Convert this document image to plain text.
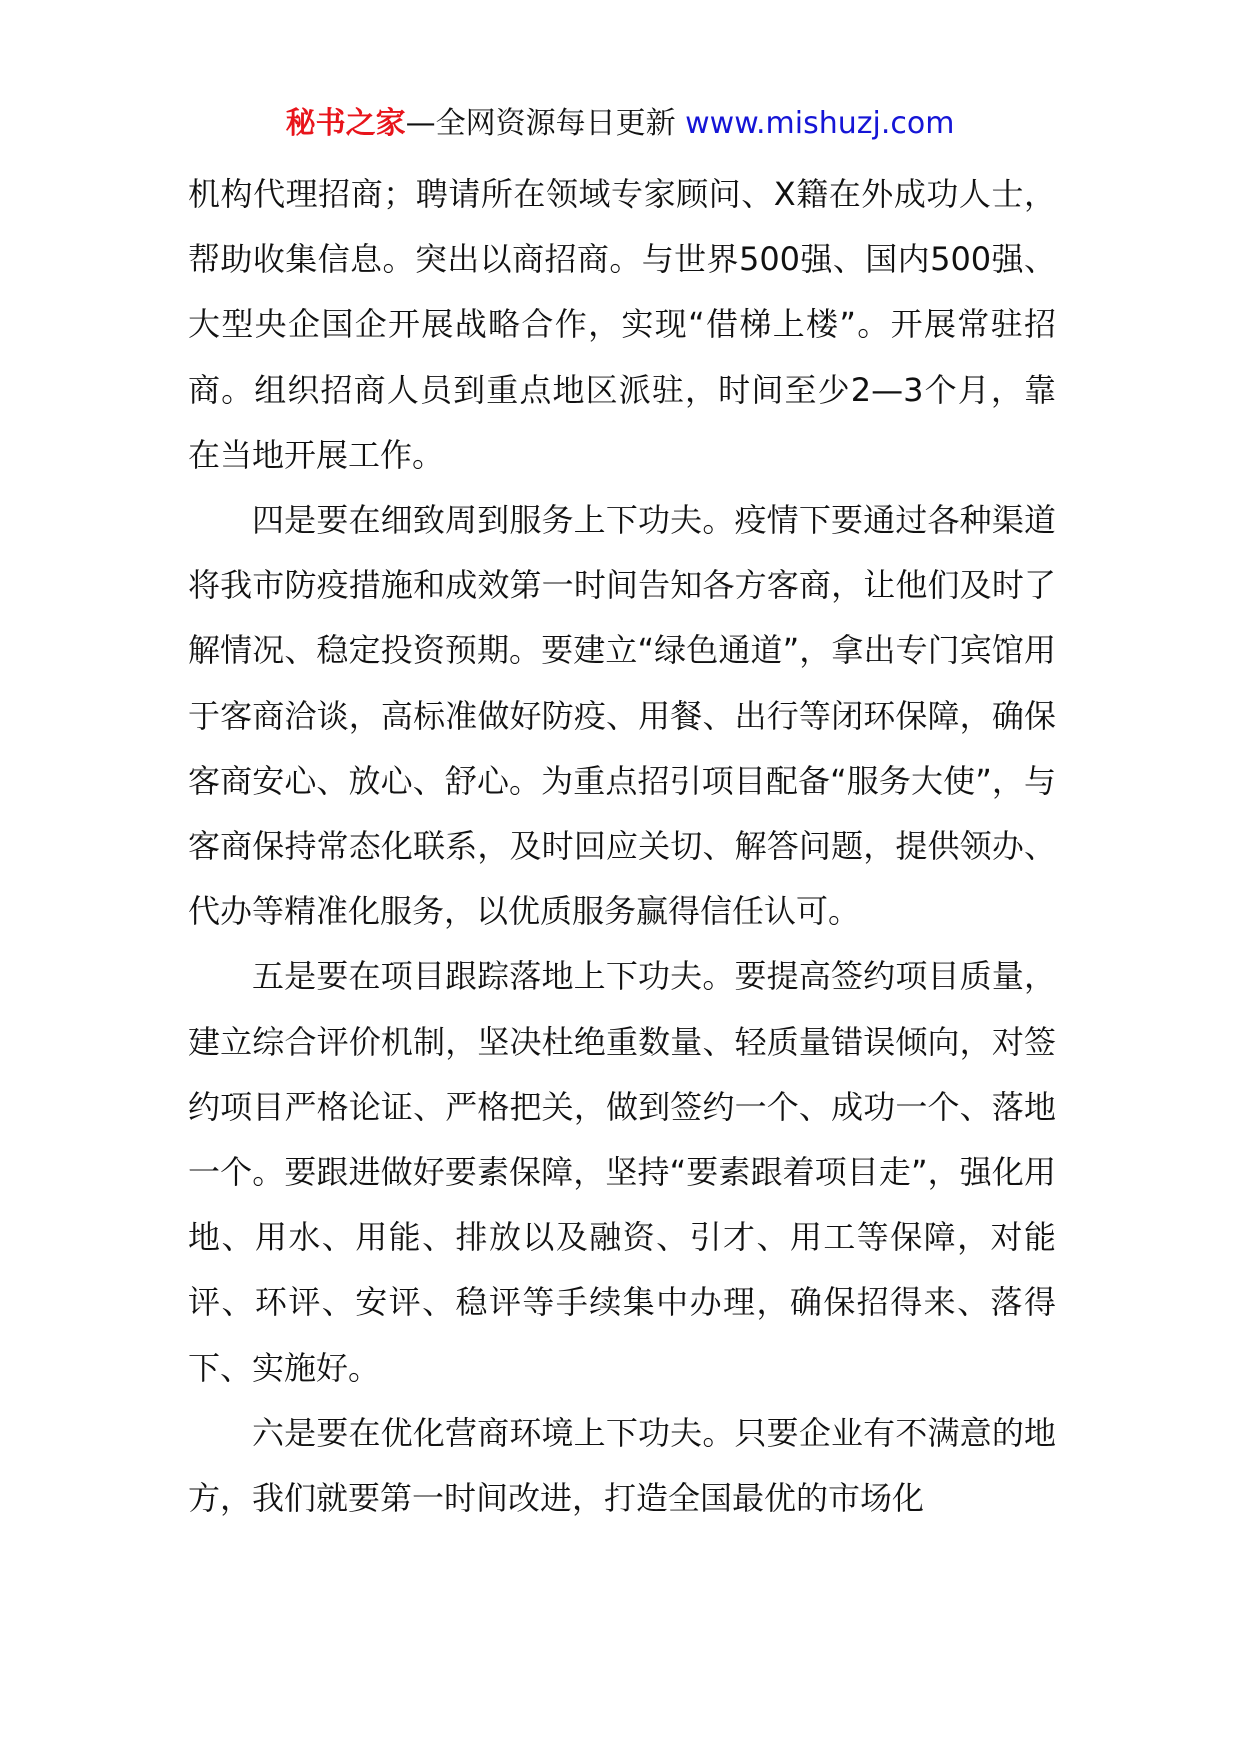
秘书之家—全网资源每日更新 www.mishuzj.com

机构代理招商；聘请所在领域专家顾问、X籍在外成功人士，帮助收集信息。突出以商招商。与世界500强、国内500强、大型央企国企开展战略合作，实现“借梯上楼”。开展常驻招商。组织招商人员到重点地区派驻，时间至少2—3个月，靠在当地开展工作。

四是要在细致周到服务上下功夫。疫情下要通过各种渠道将我市防疫措施和成效第一时间告知各方客商，让他们及时了解情况、稳定投资预期。要建立“绿色通道”，拿出专门宾馆用于客商洽谈，高标准做好防疫、用餐、出行等闭环保障，确保客商安心、放心、舒心。为重点招引项目配备“服务大使”，与客商保持常态化联系，及时回应关切、解答问题，提供领办、代办等精准化服务，以优质服务赢得信任认可。

五是要在项目跟踪落地上下功夫。要提高签约项目质量，建立综合评价机制，坚决杜绝重数量、轻质量错误倾向，对签约项目严格论证、严格把关，做到签约一个、成功一个、落地一个。要跟进做好要素保障，坚持“要素跟着项目走”，强化用地、用水、用能、排放以及融资、引才、用工等保障，对能评、环评、安评、稳评等手续集中办理，确保招得来、落得下、实施好。

六是要在优化营商环境上下功夫。只要企业有不满意的地方，我们就要第一时间改进，打造全国最优的市场化
